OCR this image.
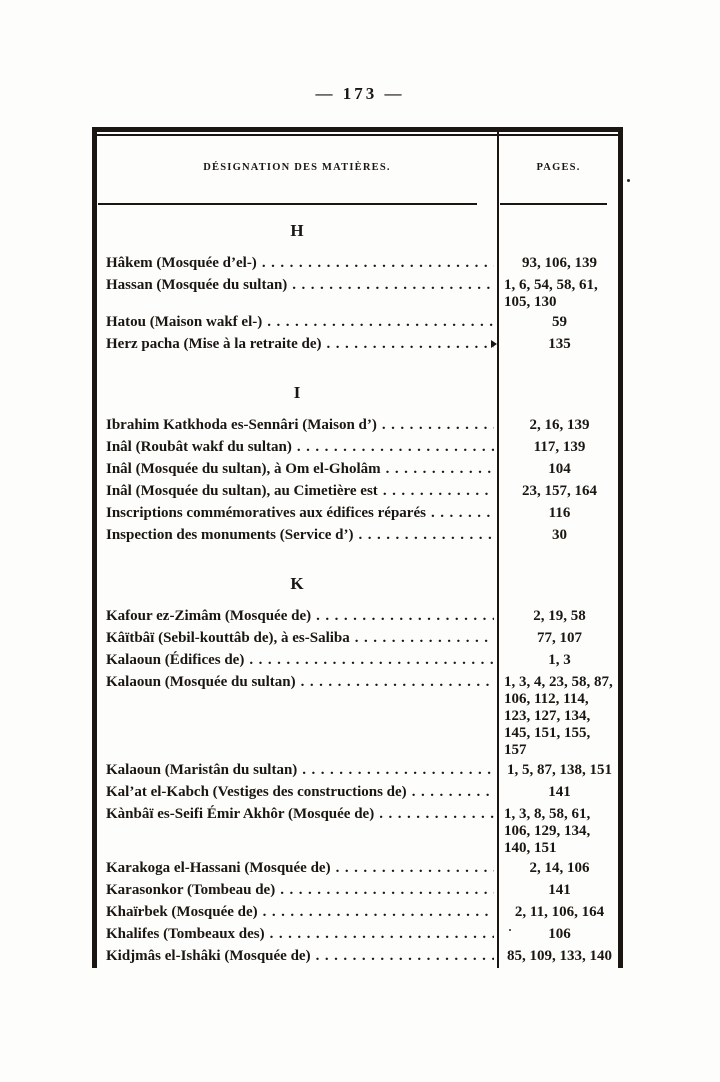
— 173 —
DÉSIGNATION DES MATIÈRES.	PAGES.
H
Hâkem (Mosquée d’el-) .....	93, 106, 139
Hassan (Mosquée du sultan) .....	1, 6, 54, 58, 61,
105, 130
Hatou (Maison wakf el-) .....	59
Herz pacha (Mise à la retraite de) .....	135
I
Ibrahim Katkhoda es-Sennâri (Maison d’) .....	2, 16, 139
Inâl (Roubât wakf du sultan) .....	117, 139
Inâl (Mosquée du sultan), à Om el-Gholâm .....	104
Inâl (Mosquée du sultan), au Cimetière est .....	23, 157, 164
Inscriptions commémoratives aux édifices réparés .....	116
Inspection des monuments (Service d’) .....	30
K
Kafour ez-Zimâm (Mosquée de) .....	2, 19, 58
Kâïtbâï (Sebil-kouttâb de), à es-Saliba .....	77, 107
Kalaoun (Édifices de) .....	1, 3
Kalaoun (Mosquée du sultan) .....	1, 3, 4, 23, 58, 87,
106, 112, 114,
123, 127, 134,
145, 151, 155,
157
Kalaoun (Maristân du sultan) .....	1, 5, 87, 138, 151
Kal’at el-Kabch (Vestiges des constructions de) .....	141
Kànbâï es-Seifi Émir Akhôr (Mosquée de) .....	1, 3, 8, 58, 61,
106, 129, 134,
140, 151
Karakoga el-Hassani (Mosquée de) .....	2, 14, 106
Karasonkor (Tombeau de) .....	141
Khaïrbek (Mosquée de) .....	2, 11, 106, 164
Khalifes (Tombeaux des) .....	106
Kidjmâs el-Ishâki (Mosquée de) .....	85, 109, 133, 140
